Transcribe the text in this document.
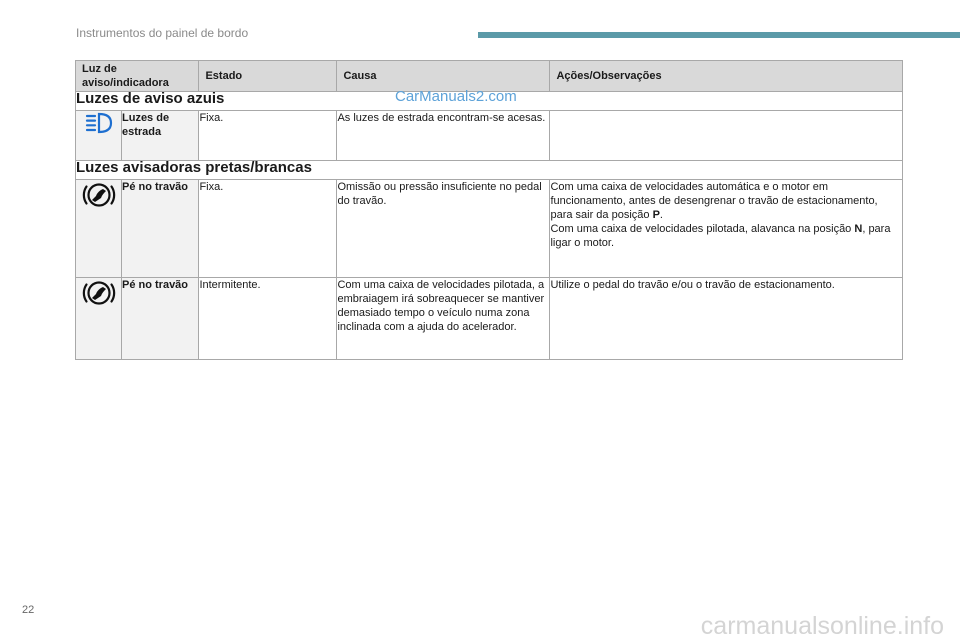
Instrumentos do painel de bordo
Luz de aviso/indicadora		Estado	Causa	Ações/Observações
Luzes de aviso azuis				
	Luzes de estrada	Fixa.	As luzes de estrada encontram-se acesas.	
Luzes avisadoras pretas/brancas				
	Pé no travão	Fixa.	Omissão ou pressão insuficiente no pedal do travão.	Com uma caixa de velocidades automática e o motor em funcionamento, antes de desengrenar o travão de estacionamento, para sair da posição P.
Com uma caixa de velocidades pilotada, alavanca na posição N, para ligar o motor.
	Pé no travão	Intermitente.	Com uma caixa de velocidades pilotada, a embraiagem irá sobreaquecer se mantiver demasiado tempo o veículo numa zona inclinada com a ajuda do acelerador.	Utilize o pedal do travão e/ou o travão de estacionamento.
CarManuals2.com
22
carmanualsonline.info
